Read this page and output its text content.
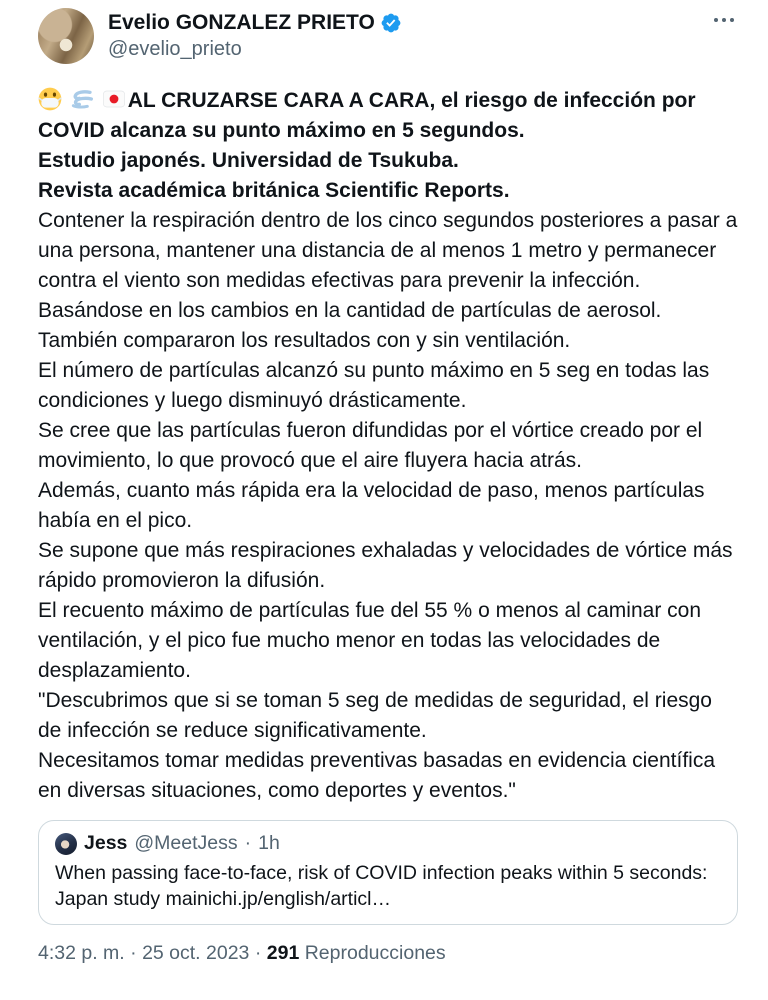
Evelio GONZALEZ PRIETO
@evelio_prieto

AL CRUZARSE CARA A CARA, el riesgo de infección por COVID alcanza su punto máximo en 5 segundos.
Estudio japonés. Universidad de Tsukuba.
Revista académica británica Scientific Reports.
Contener la respiración dentro de los cinco segundos posteriores a pasar a una persona, mantener una distancia de al menos 1 metro y permanecer contra el viento son medidas efectivas para prevenir la infección.
Basándose en los cambios en la cantidad de partículas de aerosol.
También compararon los resultados con y sin ventilación.
El número de partículas alcanzó su punto máximo en 5 seg en todas las condiciones y luego disminuyó drásticamente.
Se cree que las partículas fueron difundidas por el vórtice creado por el movimiento, lo que provocó que el aire fluyera hacia atrás.
Además, cuanto más rápida era la velocidad de paso, menos partículas había en el pico.
Se supone que más respiraciones exhaladas y velocidades de vórtice más rápido promovieron la difusión.
El recuento máximo de partículas fue del 55 % o menos al caminar con ventilación, y el pico fue mucho menor en todas las velocidades de desplazamiento.
"Descubrimos que si se toman 5 seg de medidas de seguridad, el riesgo de infección se reduce significativamente.
Necesitamos tomar medidas preventivas basadas en evidencia científica en diversas situaciones, como deportes y eventos."
Jess @MeetJess · 1h
When passing face-to-face, risk of COVID infection peaks within 5 seconds: Japan study mainichi.jp/english/articl…
4:32 p. m. · 25 oct. 2023 · 291 Reproducciones
